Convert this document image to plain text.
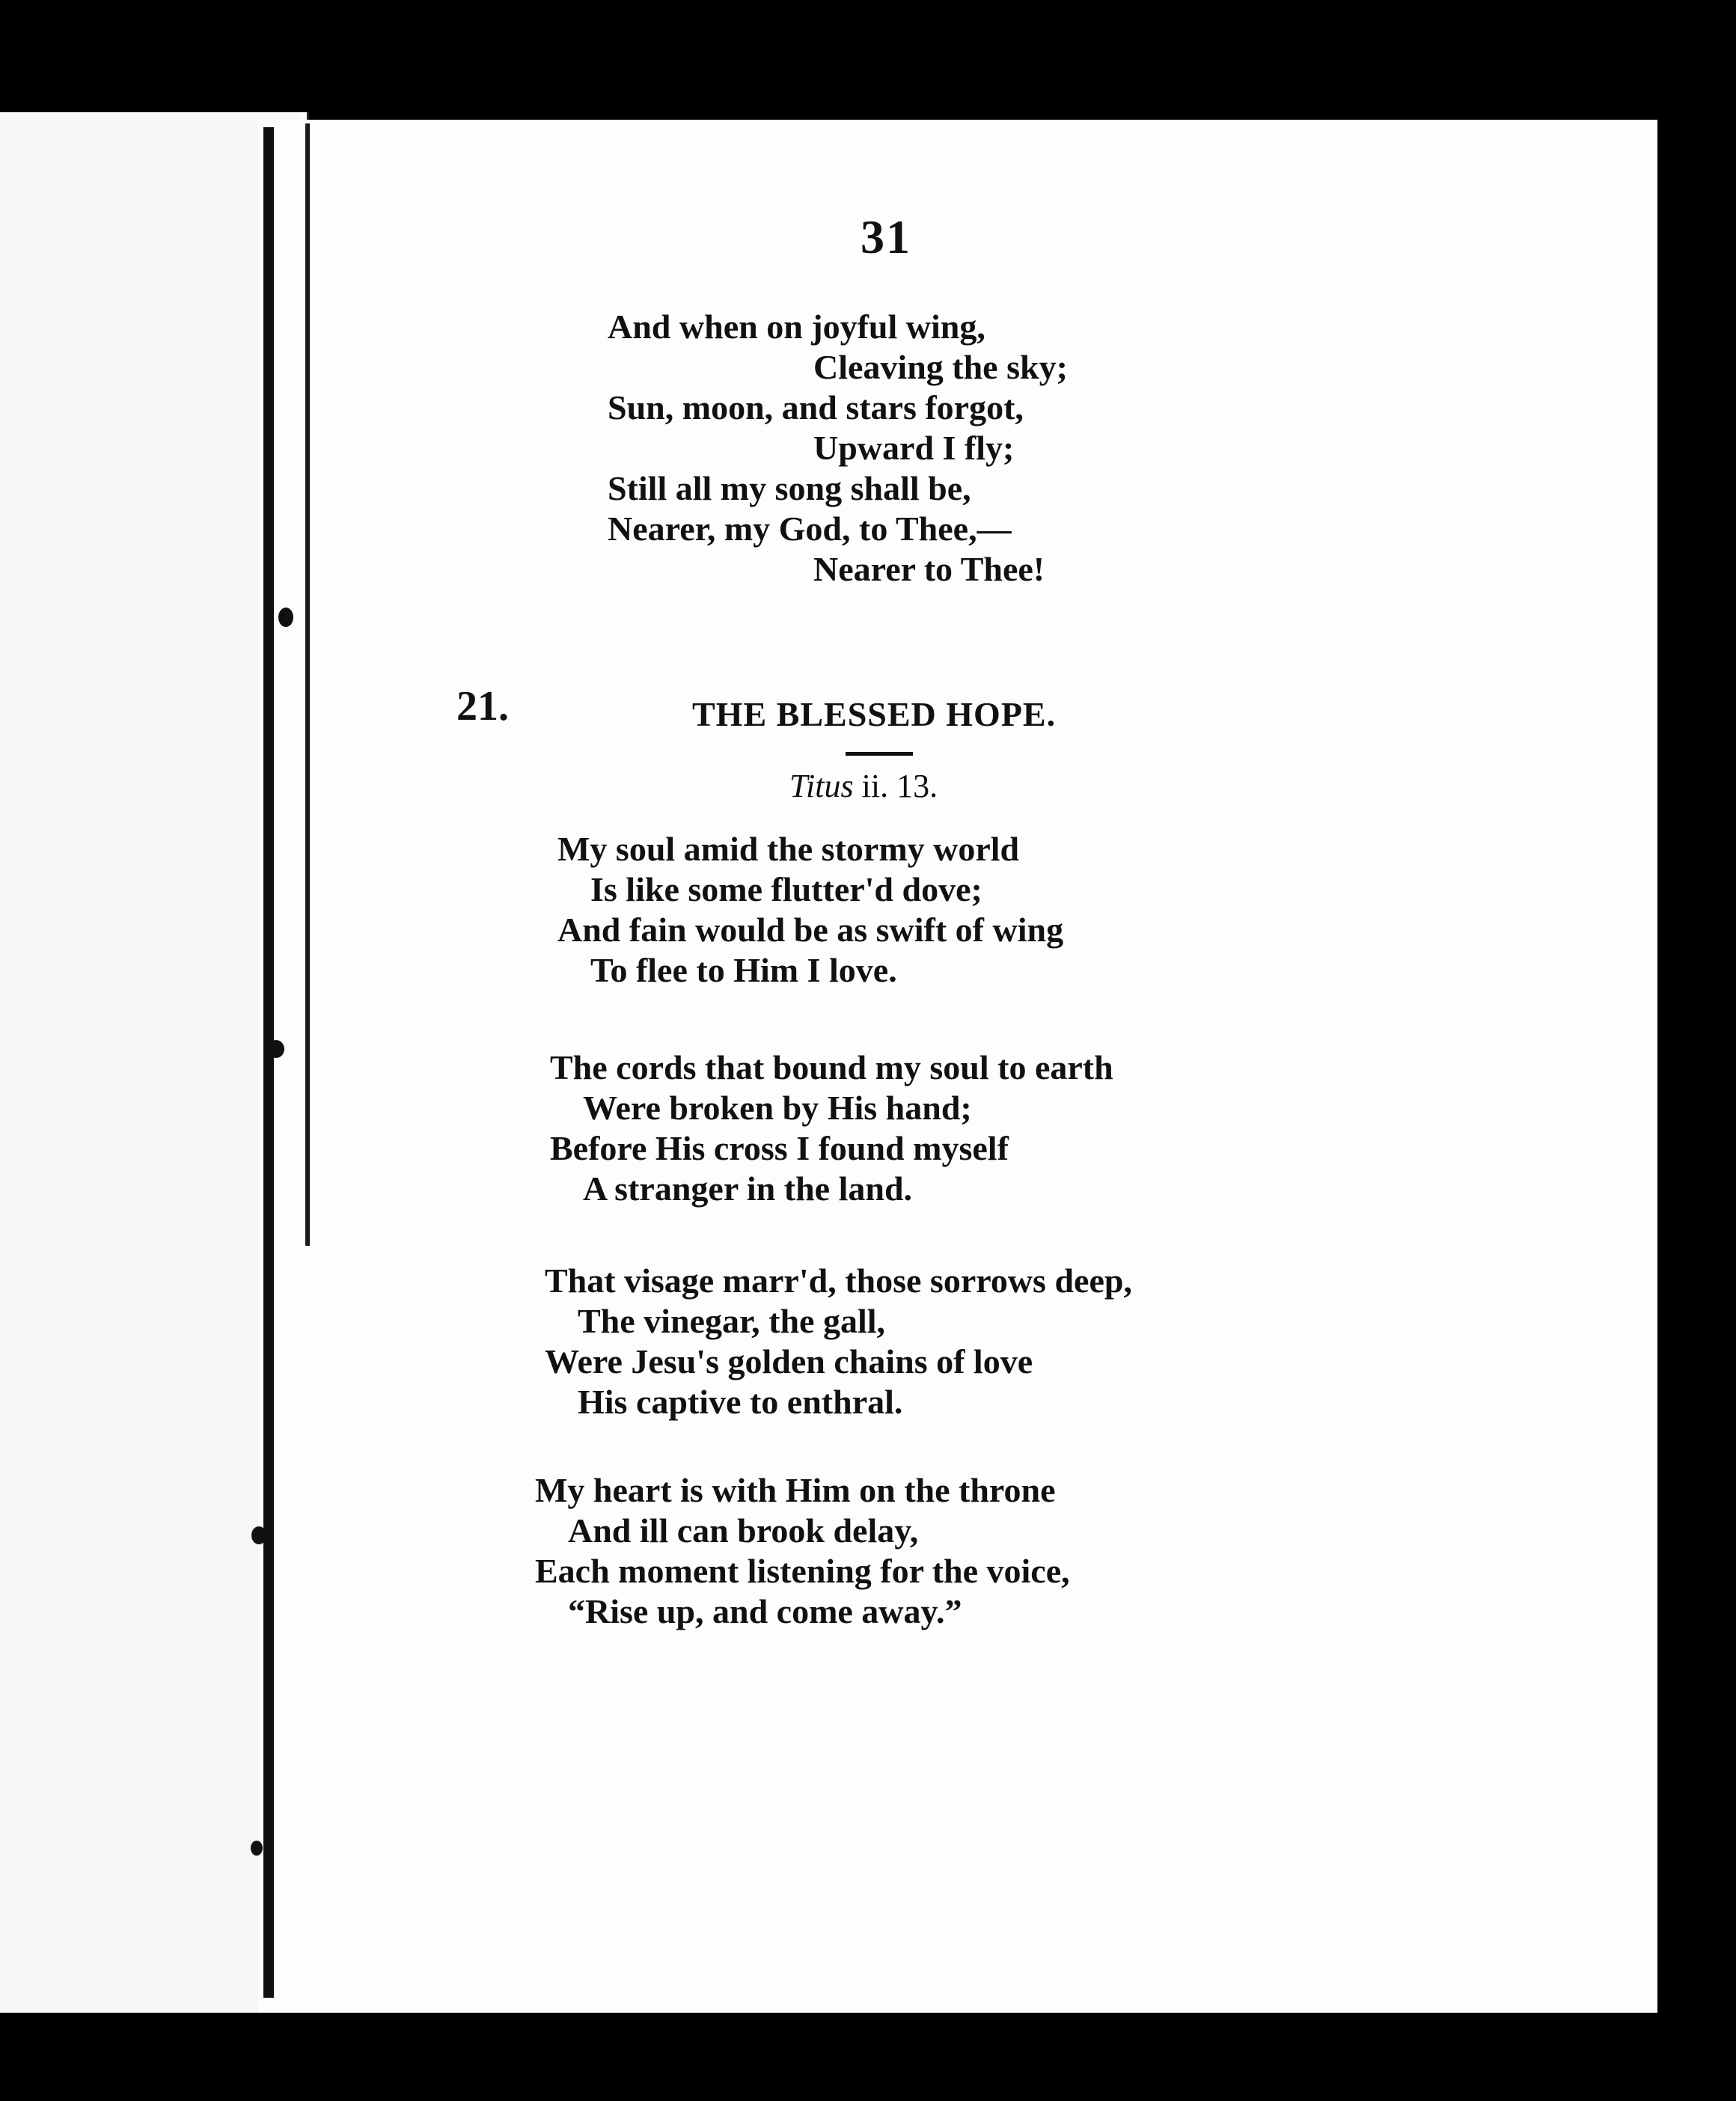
31
And when on joyful wing,
Cleaving the sky;
Sun, moon, and stars forgot,
Upward I fly;
Still all my song shall be,
Nearer, my God, to Thee,—
Nearer to Thee!
21.	THE BLESSED HOPE.
Titus ii. 13.
My soul amid the stormy world
Is like some flutter'd dove;
And fain would be as swift of wing
To flee to Him I love.
The cords that bound my soul to earth
Were broken by His hand;
Before His cross I found myself
A stranger in the land.
That visage marr'd, those sorrows deep,
The vinegar, the gall,
Were Jesu's golden chains of love
His captive to enthral.
My heart is with Him on the throne
And ill can brook delay,
Each moment listening for the voice,
“Rise up, and come away.”
